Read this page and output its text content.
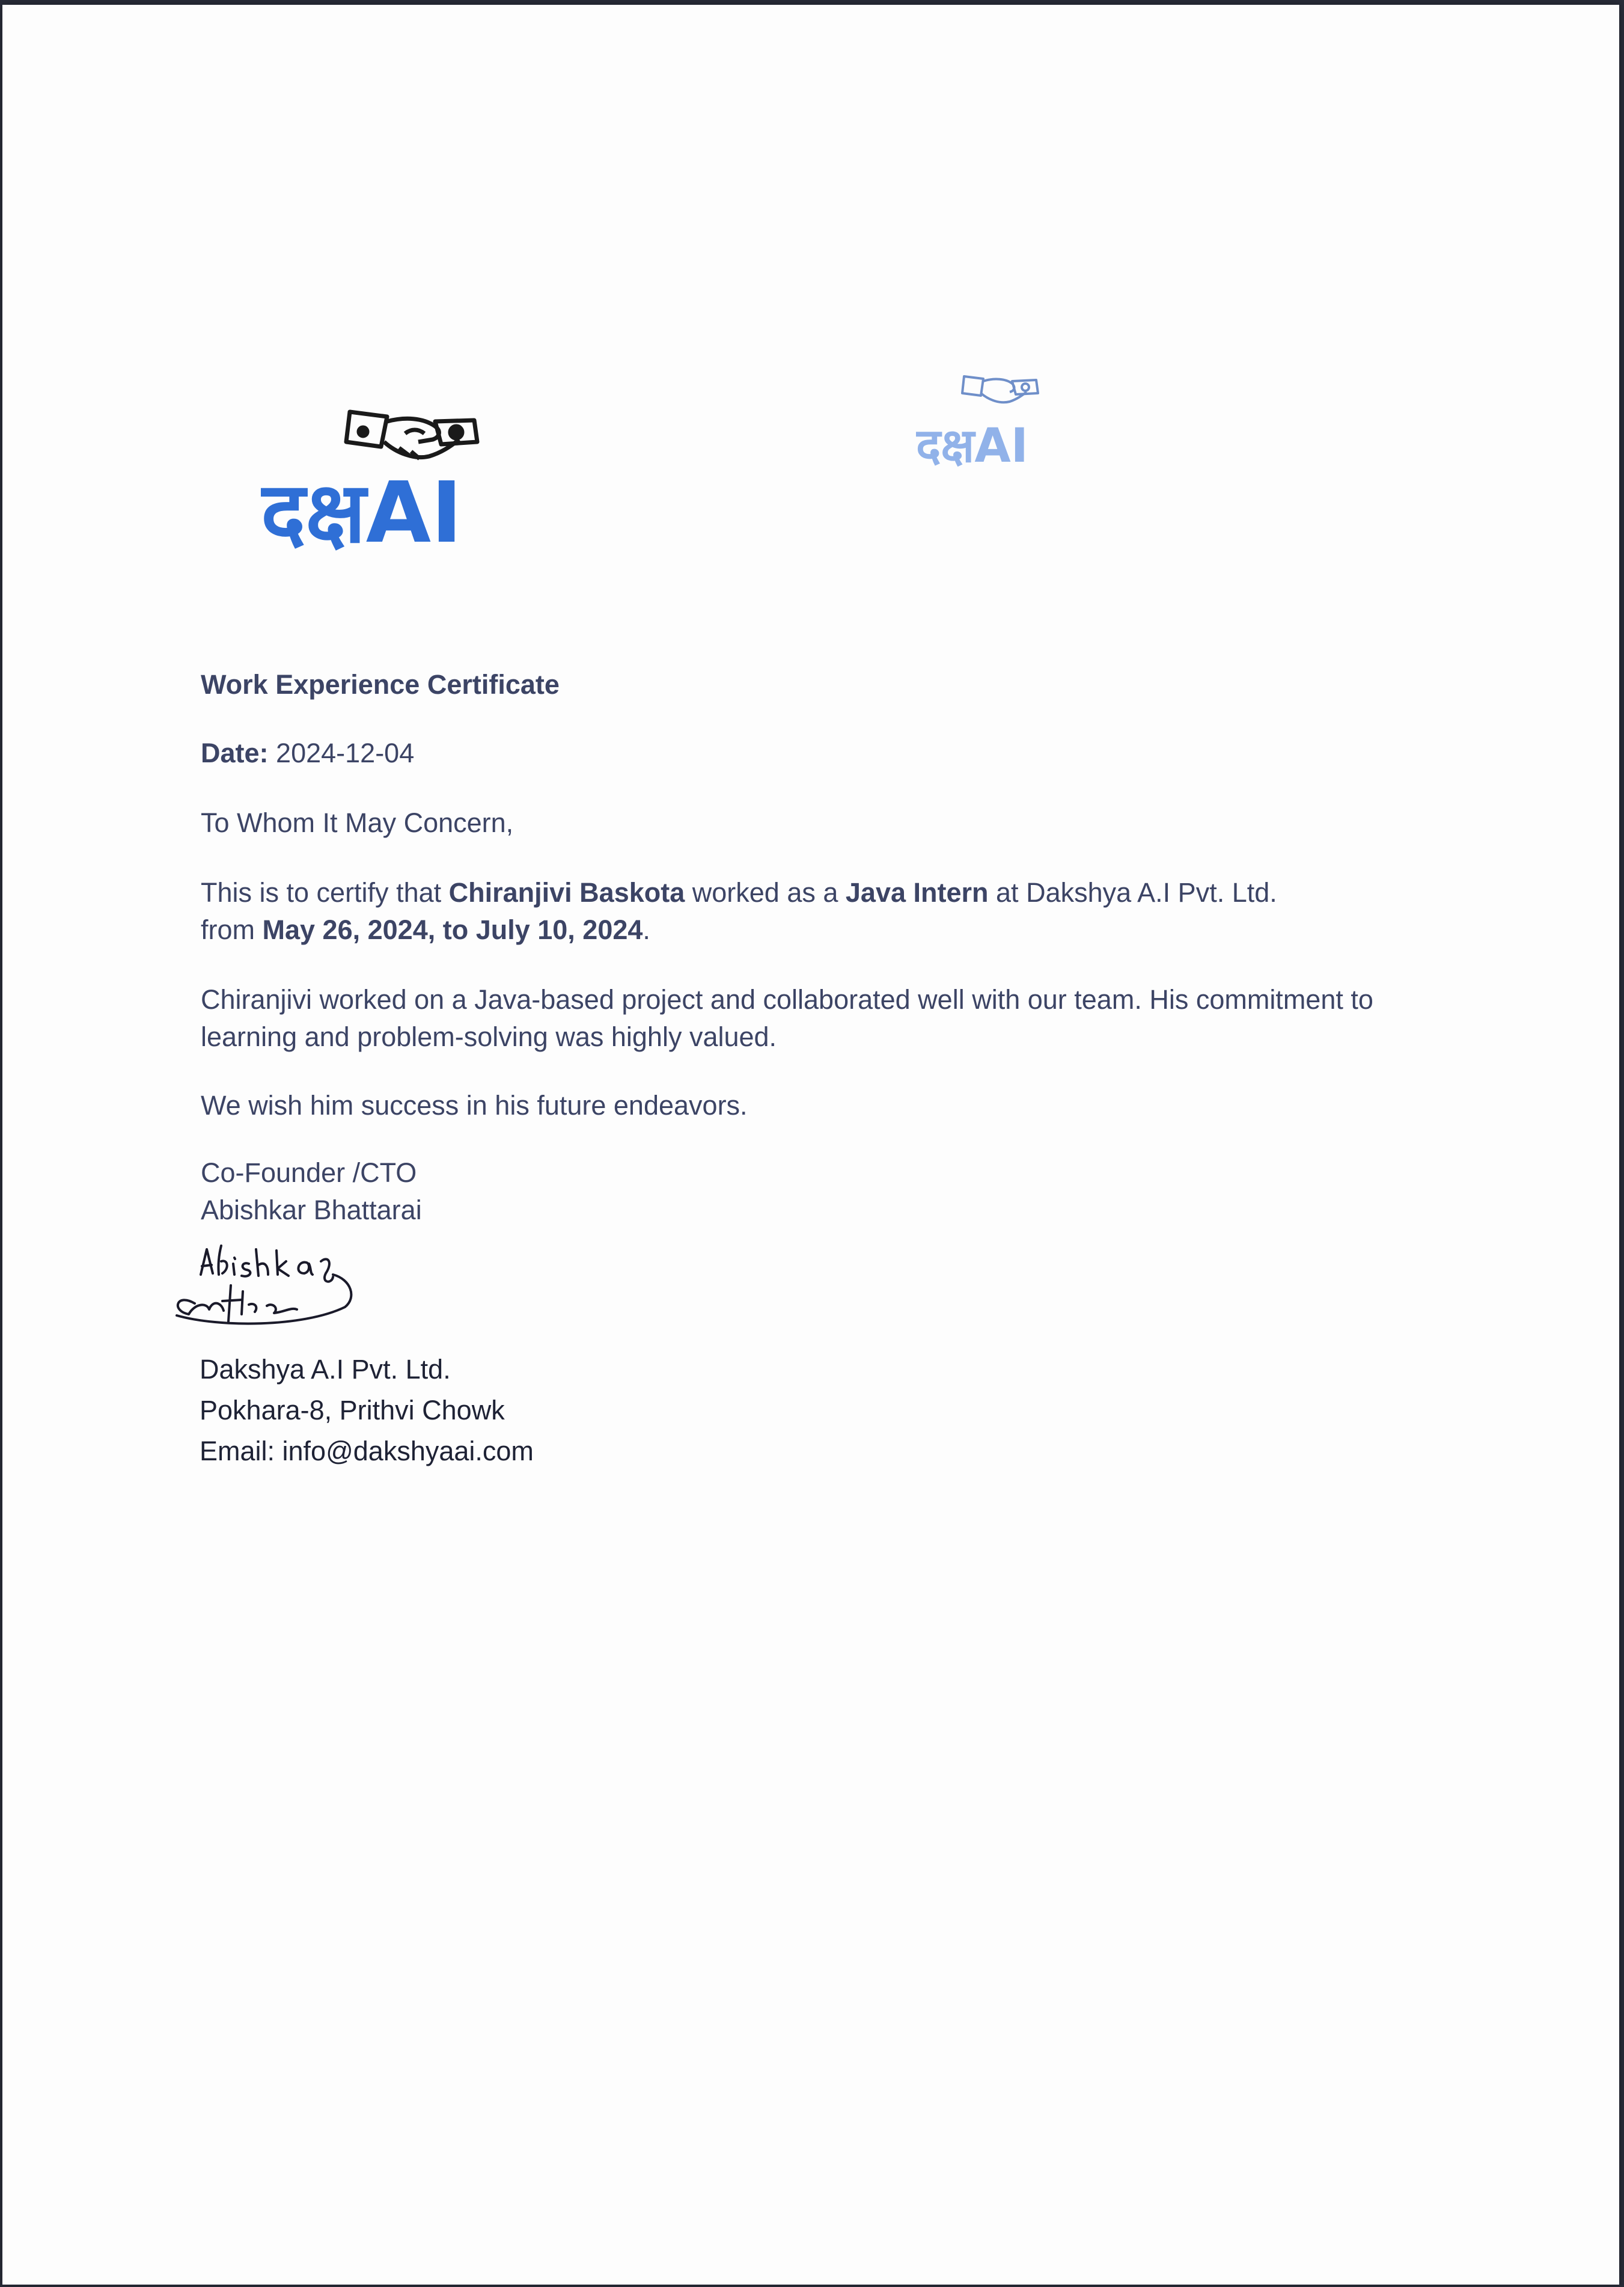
दक्षAI
दक्षAI

Work Experience Certificate

Date: 2024-12-04

To Whom It May Concern,

This is to certify that Chiranjivi Baskota worked as a Java Intern at Dakshya A.I Pvt. Ltd.
from May 26, 2024, to July 10, 2024.

Chiranjivi worked on a Java-based project and collaborated well with our team. His commitment to learning and problem-solving was highly valued.

We wish him success in his future endeavors.

Co-Founder /CTO

Abishkar Bhattarai

Dakshya A.I Pvt. Ltd.
Pokhara-8, Prithvi Chowk
Email: info@dakshyaai.com
